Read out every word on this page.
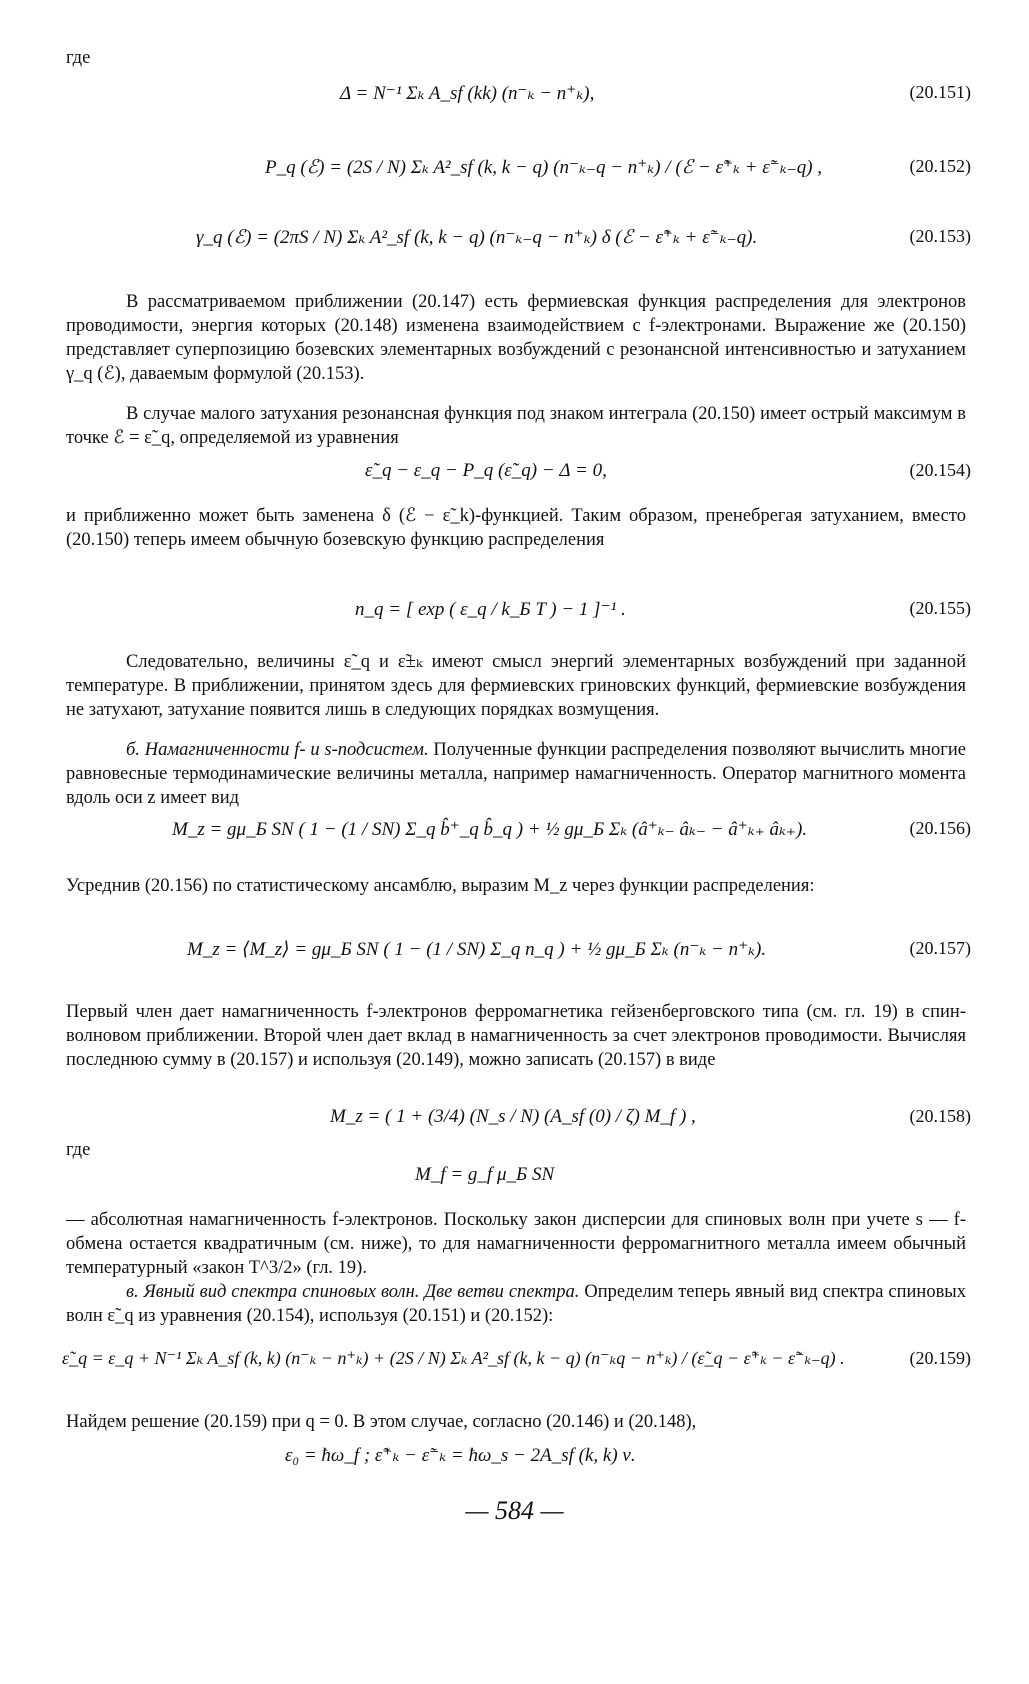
где
Δ = N⁻¹ Σₖ A_sf (kk) (n⁻ₖ − n⁺ₖ),	(20.151)
P_q (ℰ) = (2S / N) Σₖ A²_sf (k, k − q) (n⁻ₖ₋q − n⁺ₖ) / (ℰ − ε̃⁺ₖ + ε̃⁻ₖ₋q) ,	(20.152)
γ_q (ℰ) = (2πS / N) Σₖ A²_sf (k, k − q) (n⁻ₖ₋q − n⁺ₖ) δ (ℰ − ε̃⁺ₖ + ε̃⁻ₖ₋q).	(20.153)

В рассматриваемом приближении (20.147) есть фермиевская функция распределения для электронов проводимости, энергия которых (20.148) изменена взаимодействием с f-электронами. Выражение же (20.150) представляет суперпозицию бозевских элементарных возбуждений с резонансной интенсивностью и затуханием γ_q (ℰ), даваемым формулой (20.153).

В случае малого затухания резонансная функция под знаком интеграла (20.150) имеет острый максимум в точке ℰ = ε̃_q, определяемой из уравнения

ε̃_q − ε_q − P_q (ε̃_q) − Δ = 0,	(20.154)

и приближенно может быть заменена δ (ℰ − ε̃_k)-функцией. Таким образом, пренебрегая затуханием, вместо (20.150) теперь имеем обычную бозевскую функцию распределения

n_q = [ exp ( ε_q / k_Б T ) − 1 ]⁻¹ .	(20.155)

Следовательно, величины ε̃_q и ε̃±ₖ имеют смысл энергий элементарных возбуждений при заданной температуре. В приближении, принятом здесь для фермиевских гриновских функций, фермиевские возбуждения не затухают, затухание появится лишь в следующих порядках возмущения.

б. Намагниченности f- и s-подсистем. Полученные функции распределения позволяют вычислить многие равновесные термодинамические величины металла, например намагниченность. Оператор магнитного момента вдоль оси z имеет вид

M_z = gμ_Б SN ( 1 − (1 / SN) Σ_q b̂⁺_q b̂_q ) + ½ gμ_Б Σₖ (â⁺ₖ₋ âₖ₋ − â⁺ₖ₊ âₖ₊).	(20.156)

Усреднив (20.156) по статистическому ансамблю, выразим M_z через функции распределения:

M_z = ⟨M_z⟩ = gμ_Б SN ( 1 − (1 / SN) Σ_q n_q ) + ½ gμ_Б Σₖ (n⁻ₖ − n⁺ₖ).	(20.157)

Первый член дает намагниченность f-электронов ферромагнетика гейзенберговского типа (см. гл. 19) в спин-волновом приближении. Второй член дает вклад в намагниченность за счет электронов проводимости. Вычисляя последнюю сумму в (20.157) и используя (20.149), можно записать (20.157) в виде

M_z = ( 1 + (3/4) (N_s / N) (A_sf (0) / ζ) M_f ) ,	(20.158)
где
M_f = g_f μ_Б SN

— абсолютная намагниченность f-электронов. Поскольку закон дисперсии для спиновых волн при учете s — f-обмена остается квадратичным (см. ниже), то для намагниченности ферромагнитного металла имеем обычный температурный «закон T^3/2» (гл. 19).

в. Явный вид спектра спиновых волн. Две ветви спектра. Определим теперь явный вид спектра спиновых волн ε̃_q из уравнения (20.154), используя (20.151) и (20.152):

ε̃_q = ε_q + N⁻¹ Σₖ A_sf (k, k) (n⁻ₖ − n⁺ₖ) + (2S / N) Σₖ A²_sf (k, k − q) (n⁻ₖq − n⁺ₖ) / (ε̃_q − ε̃⁺ₖ − ε̃⁻ₖ₋q) .	(20.159)

Найдем решение (20.159) при q = 0. В этом случае, согласно (20.146) и (20.148),

ε₀ = ħω_f ; ε̃⁺ₖ − ε̃⁻ₖ = ħω_s − 2A_sf (k, k) ν.
— 584 —
